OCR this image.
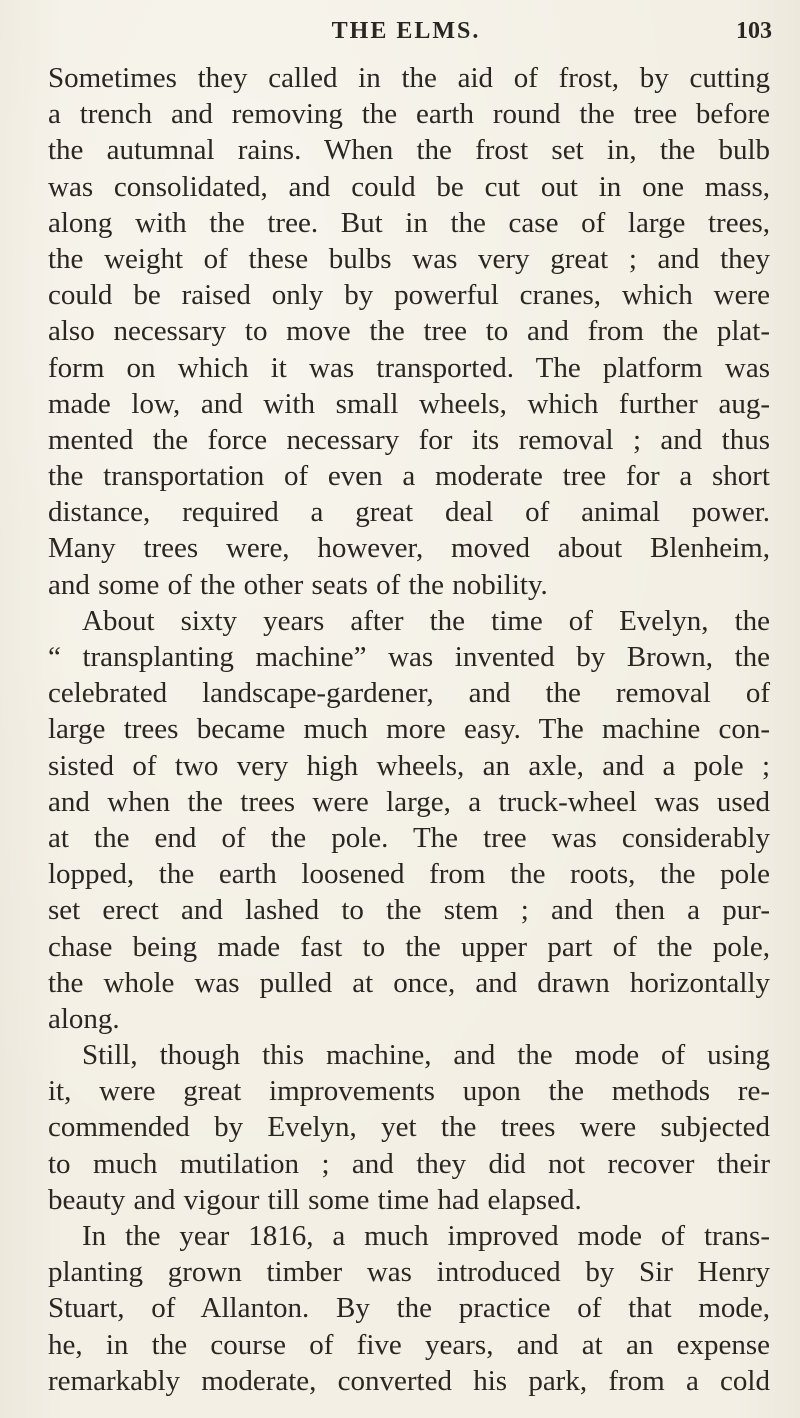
THE ELMS.	103
Sometimes they called in the aid of frost, by cutting
a trench and removing the earth round the tree before
the autumnal rains. When the frost set in, the bulb
was consolidated, and could be cut out in one mass,
along with the tree. But in the case of large trees,
the weight of these bulbs was very great ; and they
could be raised only by powerful cranes, which were
also necessary to move the tree to and from the plat-
form on which it was transported. The platform was
made low, and with small wheels, which further aug-
mented the force necessary for its removal ; and thus
the transportation of even a moderate tree for a short
distance, required a great deal of animal power.
Many trees were, however, moved about Blenheim,
and some of the other seats of the nobility.
About sixty years after the time of Evelyn, the
“ transplanting machine” was invented by Brown, the
celebrated landscape-gardener, and the removal of
large trees became much more easy. The machine con-
sisted of two very high wheels, an axle, and a pole ;
and when the trees were large, a truck-wheel was used
at the end of the pole. The tree was considerably
lopped, the earth loosened from the roots, the pole
set erect and lashed to the stem ; and then a pur-
chase being made fast to the upper part of the pole,
the whole was pulled at once, and drawn horizontally
along.
Still, though this machine, and the mode of using
it, were great improvements upon the methods re-
commended by Evelyn, yet the trees were subjected
to much mutilation ; and they did not recover their
beauty and vigour till some time had elapsed.
In the year 1816, a much improved mode of trans-
planting grown timber was introduced by Sir Henry
Stuart, of Allanton. By the practice of that mode,
he, in the course of five years, and at an expense
remarkably moderate, converted his park, from a cold
